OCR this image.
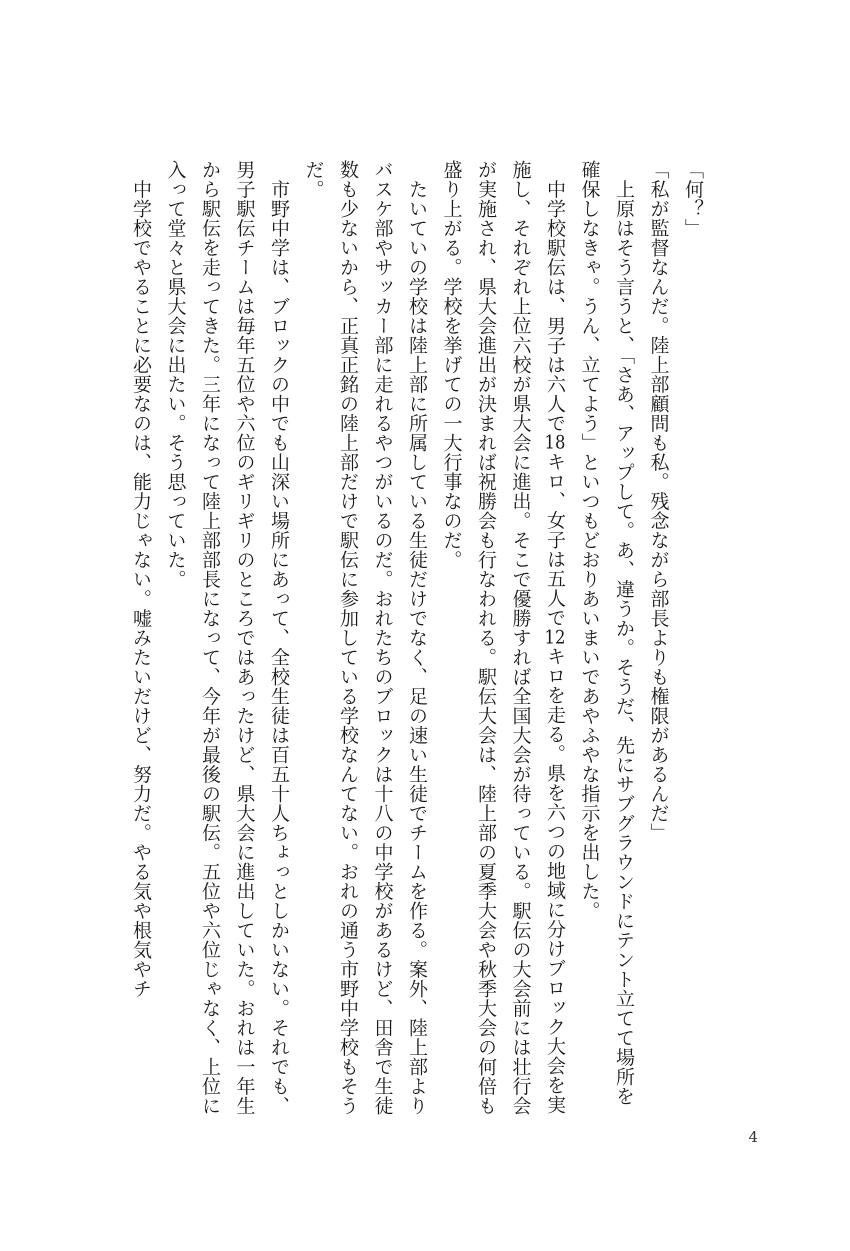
「何？」

「私が監督なんだ。陸上部顧問も私。残念ながら部長よりも権限があるんだ」

　上原はそう言うと、「さあ、アップして。あ、違うか。そうだ、先にサブグラウンドにテント立てて場所を確保しなきゃ。うん、立てよう」といつもどおりあいまいであやふやな指示を出した。

　中学校駅伝は、男子は六人で18キロ、女子は五人で12キロを走る。県を六つの地域に分けブロック大会を実施し、それぞれ上位六校が県大会に進出。そこで優勝すれば全国大会が待っている。駅伝の大会前には壮行会が実施され、県大会進出が決まれば祝勝会も行なわれる。駅伝大会は、陸上部の夏季大会や秋季大会の何倍も盛り上がる。学校を挙げての一大行事なのだ。

　たいていの学校は陸上部に所属している生徒だけでなく、足の速い生徒でチームを作る。案外、陸上部よりバスケ部やサッカー部に走れるやつがいるのだ。おれたちのブロックは十八の中学校があるけど、田舎で生徒数も少ないから、正真正銘の陸上部だけで駅伝に参加している学校なんてない。おれの通う市野中学校もそうだ。

　市野中学は、ブロックの中でも山深い場所にあって、全校生徒は百五十人ちょっとしかいない。それでも、男子駅伝チームは毎年五位や六位のギリギリのところではあったけど、県大会に進出していた。おれは一年生から駅伝を走ってきた。三年になって陸上部部長になって、今年が最後の駅伝。五位や六位じゃなく、上位に入って堂々と県大会に出たい。そう思っていた。

　中学校でやることに必要なのは、能力じゃない。嘘みたいだけど、努力だ。やる気や根気やチ

4
